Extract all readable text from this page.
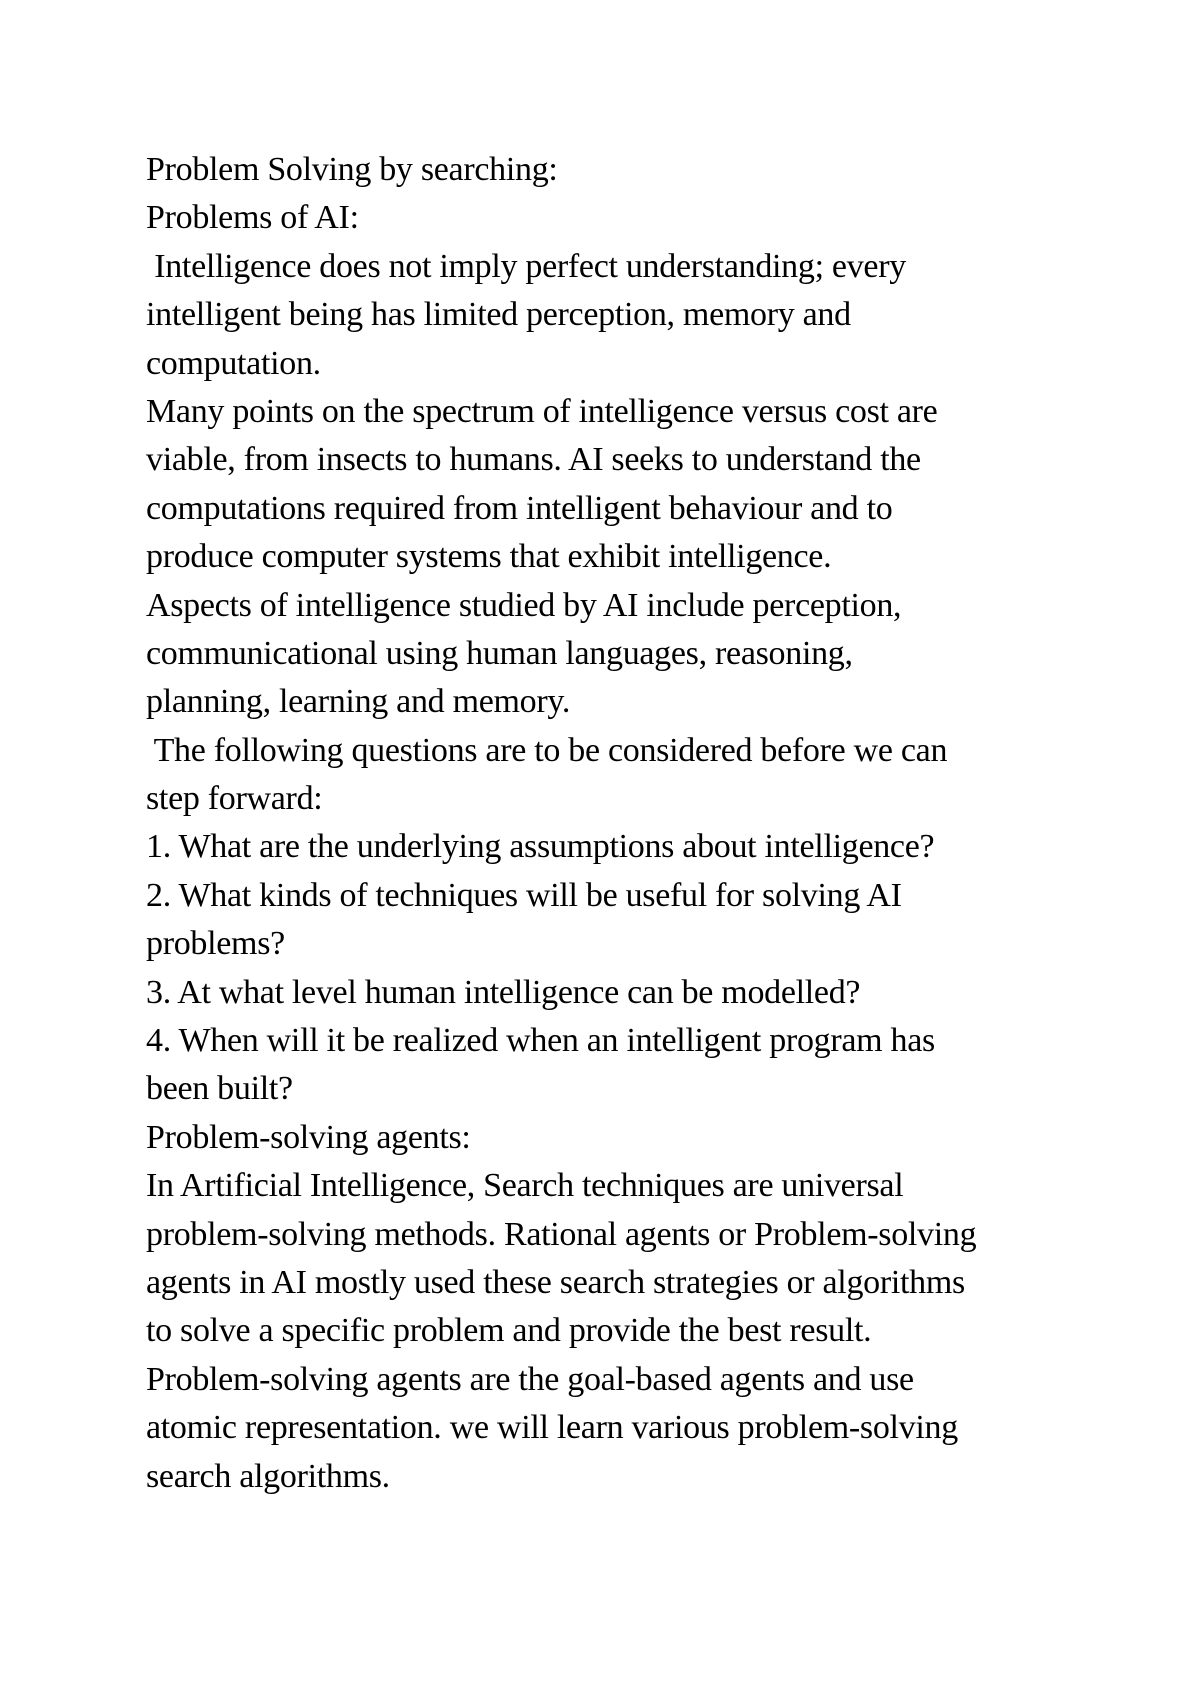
Problem Solving by searching:
Problems of AI:
Intelligence does not imply perfect understanding; every
intelligent being has limited perception, memory and
computation.
Many points on the spectrum of intelligence versus cost are
viable, from insects to humans. AI seeks to understand the
computations required from intelligent behaviour and to
produce computer systems that exhibit intelligence.
Aspects of intelligence studied by AI include perception,
communicational using human languages, reasoning,
planning, learning and memory.
The following questions are to be considered before we can
step forward:
1. What are the underlying assumptions about intelligence?
2. What kinds of techniques will be useful for solving AI
problems?
3. At what level human intelligence can be modelled?
4. When will it be realized when an intelligent program has
been built?
Problem-solving agents:
In Artificial Intelligence, Search techniques are universal
problem-solving methods. Rational agents or Problem-solving
agents in AI mostly used these search strategies or algorithms
to solve a specific problem and provide the best result.
Problem-solving agents are the goal-based agents and use
atomic representation. we will learn various problem-solving
search algorithms.
